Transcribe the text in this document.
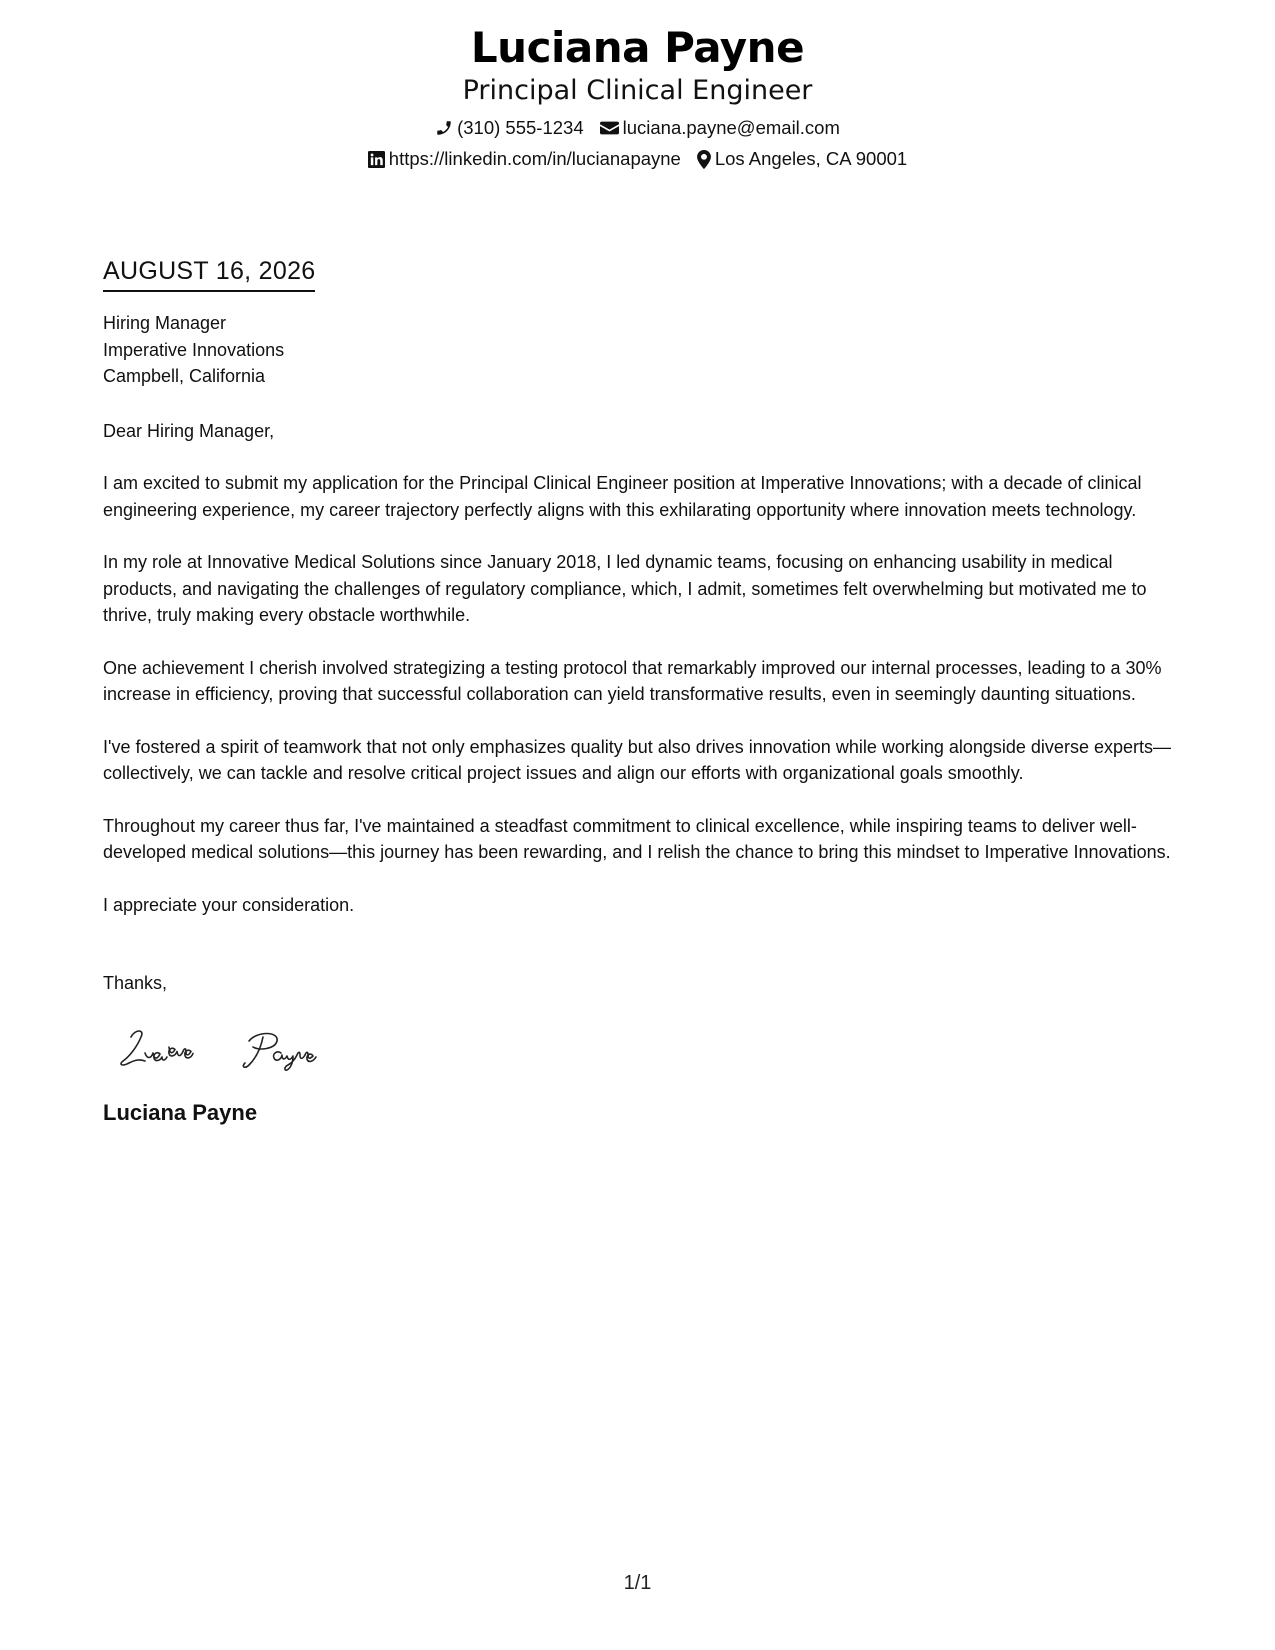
Luciana Payne
Principal Clinical Engineer
(310) 555-1234 luciana.payne@email.com
https://linkedin.com/in/lucianapayne Los Angeles, CA 90001
AUGUST 16, 2026
Hiring Manager
Imperative Innovations
Campbell, California
Dear Hiring Manager,
I am excited to submit my application for the Principal Clinical Engineer position at Imperative Innovations; with a decade of clinical engineering experience, my career trajectory perfectly aligns with this exhilarating opportunity where innovation meets technology.
In my role at Innovative Medical Solutions since January 2018, I led dynamic teams, focusing on enhancing usability in medical products, and navigating the challenges of regulatory compliance, which, I admit, sometimes felt overwhelming but motivated me to thrive, truly making every obstacle worthwhile.
One achievement I cherish involved strategizing a testing protocol that remarkably improved our internal processes, leading to a 30% increase in efficiency, proving that successful collaboration can yield transformative results, even in seemingly daunting situations.
I've fostered a spirit of teamwork that not only emphasizes quality but also drives innovation while working alongside diverse experts—collectively, we can tackle and resolve critical project issues and align our efforts with organizational goals smoothly.
Throughout my career thus far, I've maintained a steadfast commitment to clinical excellence, while inspiring teams to deliver well-developed medical solutions—this journey has been rewarding, and I relish the chance to bring this mindset to Imperative Innovations.
I appreciate your consideration.
Thanks,
Luciana Payne
1/1
